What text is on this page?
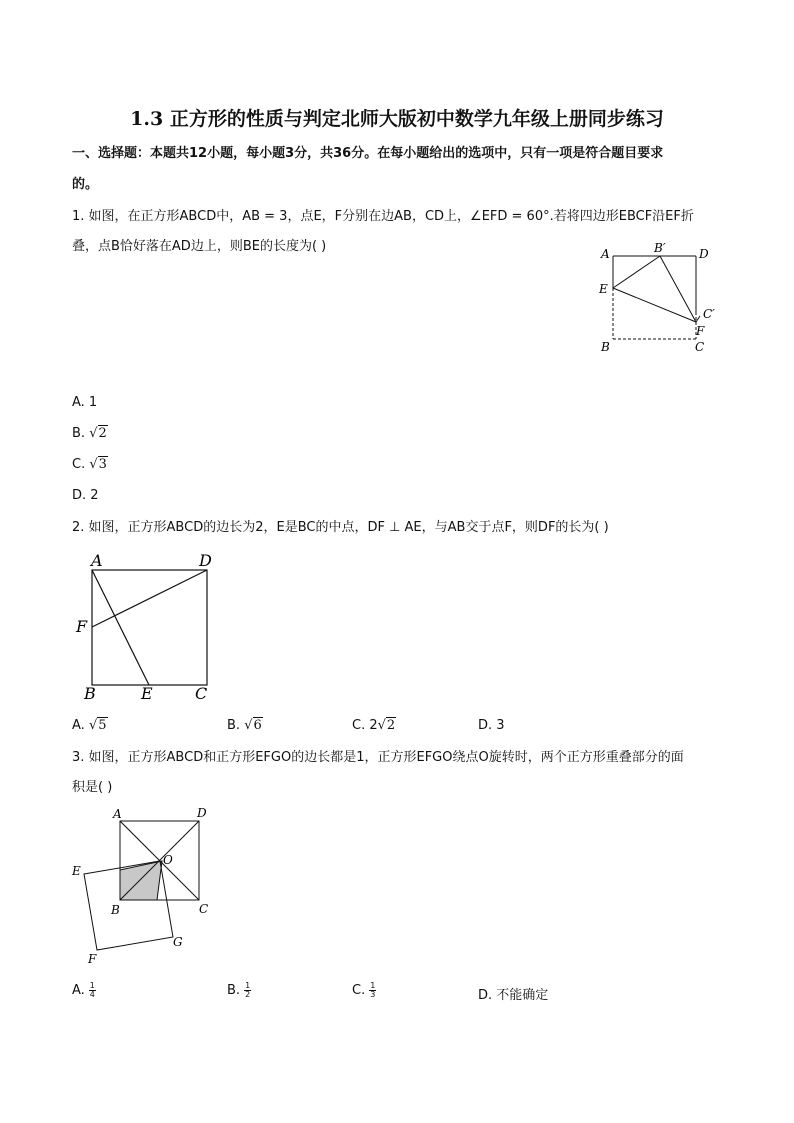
1.3 正方形的性质与判定北师大版初中数学九年级上册同步练习
一、选择题：本题共12小题，每小题3分，共36分。在每小题给出的选项中，只有一项是符合题目要求
的。
1. 如图，在正方形ABCD中，AB = 3，点E，F分别在边AB，CD上，∠EFD = 60°.若将四边形EBCF沿EF折
叠，点B恰好落在AD边上，则BE的长度为( )	A	B′	D
E
C′
F
B	C
A. 1
B. √2
C. √3
D. 2
2. 如图，正方形ABCD的边长为2，E是BC的中点，DF ⊥ AE，与AB交于点F，则DF的长为( )
A	D
F
B	E	C
A. √5	B. √6	C. 2√2	D. 3
3. 如图，正方形ABCD和正方形EFGO的边长都是1，正方形EFGO绕点O旋转时，两个正方形重叠部分的面
积是( )
A	D
O
E
B	C
F
G
A. $\frac{1}{4}$	B. $\frac{1}{2}$	C. $\frac{1}{3}$	D. 不能确定
